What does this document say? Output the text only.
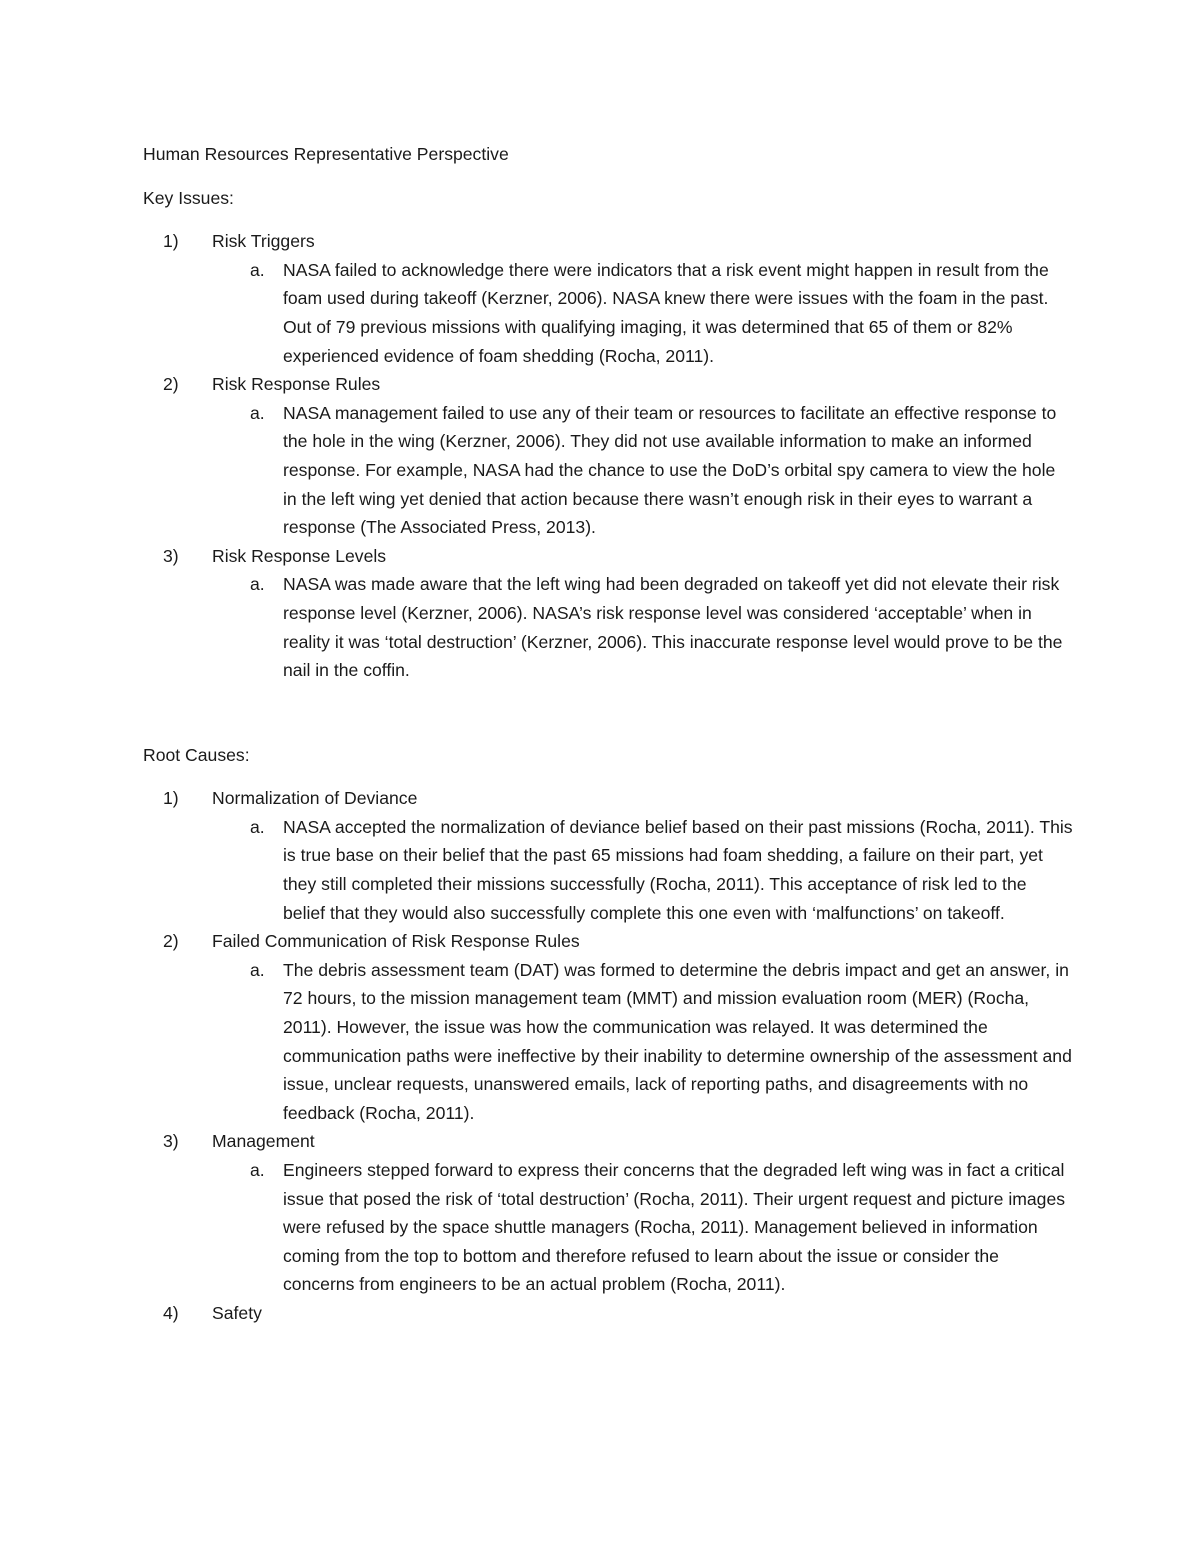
Human Resources Representative Perspective
Key Issues:
1) Risk Triggers
a. NASA failed to acknowledge there were indicators that a risk event might happen in result from the foam used during takeoff (Kerzner, 2006). NASA knew there were issues with the foam in the past. Out of 79 previous missions with qualifying imaging, it was determined that 65 of them or 82% experienced evidence of foam shedding (Rocha, 2011).
2) Risk Response Rules
a. NASA management failed to use any of their team or resources to facilitate an effective response to the hole in the wing (Kerzner, 2006). They did not use available information to make an informed response. For example, NASA had the chance to use the DoD’s orbital spy camera to view the hole in the left wing yet denied that action because there wasn’t enough risk in their eyes to warrant a response (The Associated Press, 2013).
3) Risk Response Levels
a. NASA was made aware that the left wing had been degraded on takeoff yet did not elevate their risk response level (Kerzner, 2006). NASA’s risk response level was considered ‘acceptable’ when in reality it was ‘total destruction’ (Kerzner, 2006). This inaccurate response level would prove to be the nail in the coffin.
Root Causes:
1) Normalization of Deviance
a. NASA accepted the normalization of deviance belief based on their past missions (Rocha, 2011). This is true base on their belief that the past 65 missions had foam shedding, a failure on their part, yet they still completed their missions successfully (Rocha, 2011). This acceptance of risk led to the belief that they would also successfully complete this one even with ‘malfunctions’ on takeoff.
2) Failed Communication of Risk Response Rules
a. The debris assessment team (DAT) was formed to determine the debris impact and get an answer, in 72 hours, to the mission management team (MMT) and mission evaluation room (MER) (Rocha, 2011). However, the issue was how the communication was relayed. It was determined the communication paths were ineffective by their inability to determine ownership of the assessment and issue, unclear requests, unanswered emails, lack of reporting paths, and disagreements with no feedback (Rocha, 2011).
3) Management
a. Engineers stepped forward to express their concerns that the degraded left wing was in fact a critical issue that posed the risk of ‘total destruction’ (Rocha, 2011). Their urgent request and picture images were refused by the space shuttle managers (Rocha, 2011). Management believed in information coming from the top to bottom and therefore refused to learn about the issue or consider the concerns from engineers to be an actual problem (Rocha, 2011).
4) Safety
